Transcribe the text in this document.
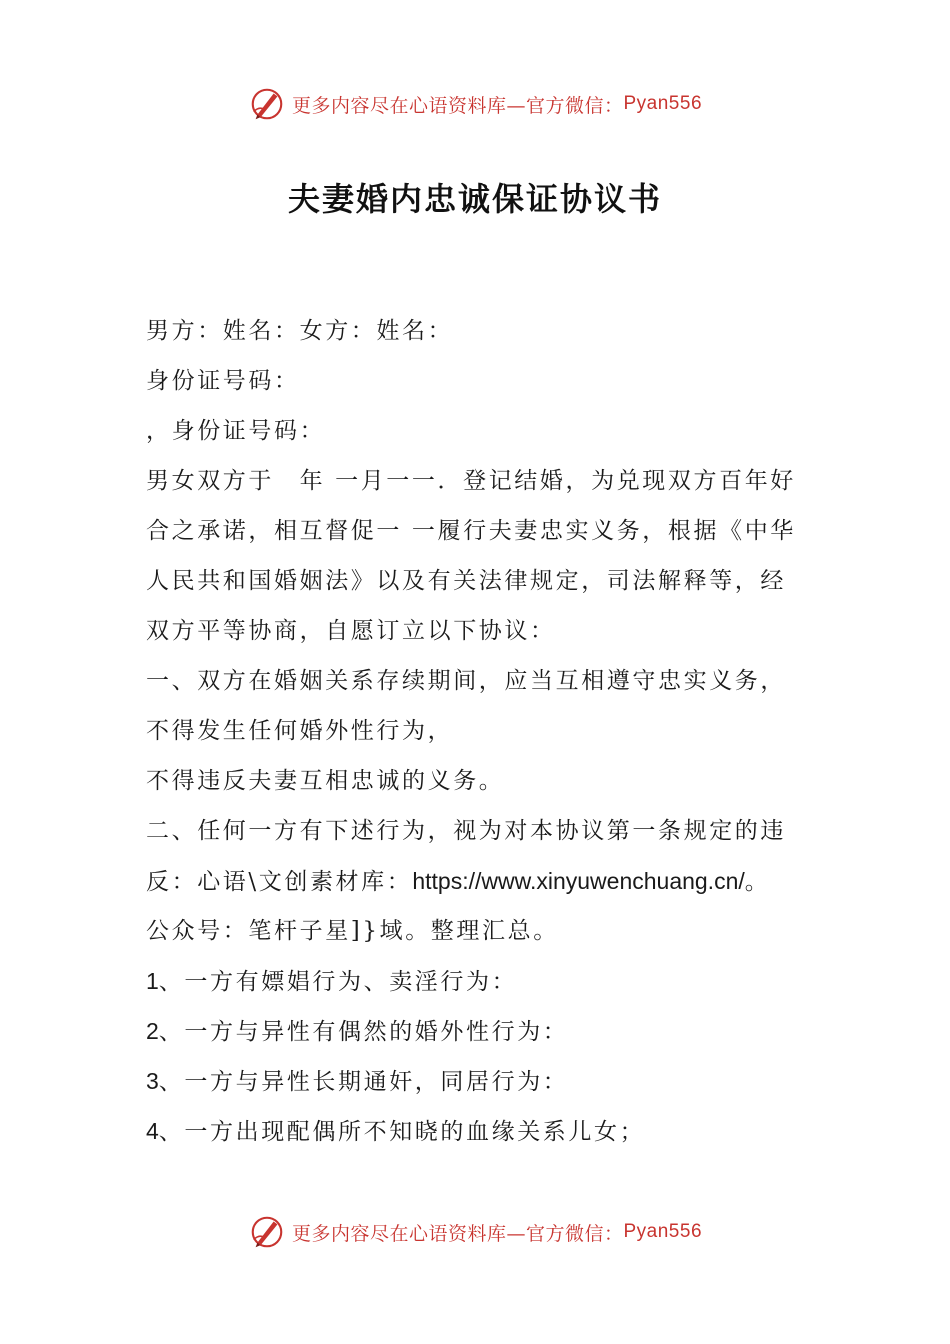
更多内容尽在心语资料库—官方微信： Pyan556
夫妻婚内忠诚保证协议书
男方：姓名：女方：姓名：
身份证号码：
，身份证号码：
男女双方于　年 一月一一．登记结婚，为兑现双方百年好
合之承诺，相互督促一 一履行夫妻忠实义务，根据《中华
人民共和国婚姻法》以及有关法律规定，司法解释等，经
双方平等协商，自愿订立以下协议：
一、双方在婚姻关系存续期间，应当互相遵守忠实义务，
不得发生任何婚外性行为，
不得违反夫妻互相忠诚的义务。
二、任何一方有下述行为，视为对本协议第一条规定的违
反：心语\文创素材库：https://www.xinyuwenchuang.cn/。
公众号：笔杆子星]}域。整理汇总。
1、一方有嫖娼行为、卖淫行为：
2、一方与异性有偶然的婚外性行为：
3、一方与异性长期通奸，同居行为：
4、一方出现配偶所不知晓的血缘关系儿女；
更多内容尽在心语资料库—官方微信： Pyan556
